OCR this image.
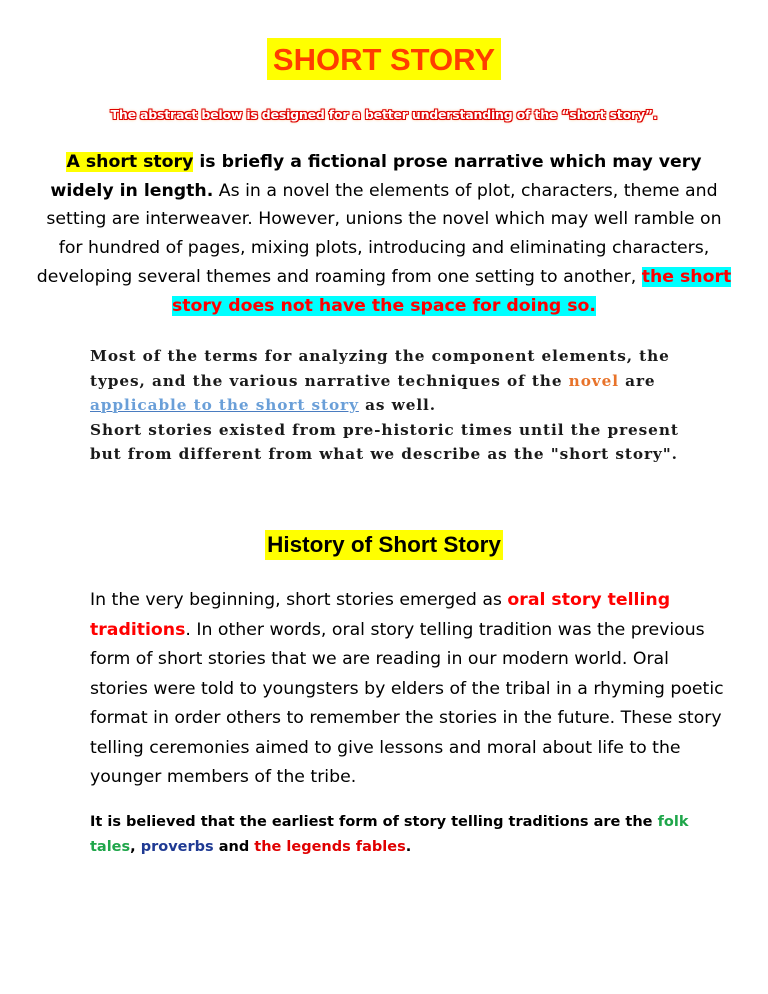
SHORT STORY
The abstract below is designed for a better understanding of the “short story”.
A short story is briefly a fictional prose narrative which may very widely in length. As in a novel the elements of plot, characters, theme and setting are interweaver. However, unions the novel which may well ramble on for hundred of pages, mixing plots, introducing and eliminating characters, developing several themes and roaming from one setting to another, the short story does not have the space for doing so.
Most of the terms for analyzing the component elements, the types, and the various narrative techniques of the novel are applicable to the short story as well.
Short stories existed from pre-historic times until the present but from different from what we describe as the "short story".
History of Short Story
In the very beginning, short stories emerged as oral story telling traditions. In other words, oral story telling tradition was the previous form of short stories that we are reading in our modern world. Oral stories were told to youngsters by elders of the tribal in a rhyming poetic format in order others to remember the stories in the future. These story telling ceremonies aimed to give lessons and moral about life to the younger members of the tribe.
It is believed that the earliest form of story telling traditions are the folk tales, proverbs and the legends fables.
